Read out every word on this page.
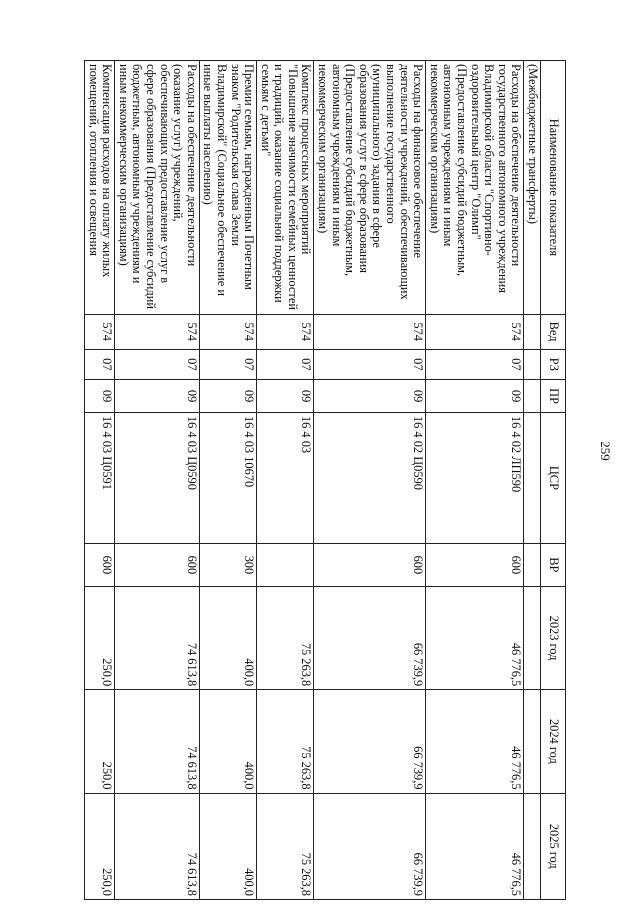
259
Наименование показателя	Вед	РЗ	ПР	ЦСР	ВР	2023 год	2024 год	2025 год
(Межбюджетные трансферты)								
Расходы на обеспечение деятельности государственного автономного учреждения Владимирской области "Спортивно-оздоровительный центр "Олимп" (Предоставление субсидий бюджетным, автономным учреждениям и иным некоммерческим организациям)	574	07	09	16 4 02 ЛП590	600	46 776,5	46 776,5	46 776,5
Расходы на финансовое обеспечение деятельности учреждений, обеспечивающих выполнение государственного (муниципального) задания в сфере образования услуг в сфере образования (Предоставление субсидий бюджетным, автономным учреждениям и иным некоммерческим организациям)	574	07	09	16 4 02 Ц0590	600	66 739,9	66 739,9	66 739,9
Комплекс процессных мероприятий "Повышение значимости семейных ценностей и традиций, оказание социальной поддержки семьям с детьми"	574	07	09	16 4 03		75 263,8	75 263,8	75 263,8
Премии семьям, награжденным Почетным знаком "Родительская слава Земли Владимирской" (Социальное обеспечение и иные выплаты населению)	574	07	09	16 4 03 10670	300	400,0	400,0	400,0
Расходы на обеспечение деятельности (оказание услуг) учреждений, обеспечивающих предоставление услуг в сфере образования (Предоставление субсидий бюджетным, автономным учреждениям и иным некоммерческим организациям)	574	07	09	16 4 03 Ц0590	600	74 613,8	74 613,8	74 613,8
Компенсация расходов на оплату жилых помещений, отопления и освещения	574	07	09	16 4 03 Ц0591	600	250,0	250,0	250,0
